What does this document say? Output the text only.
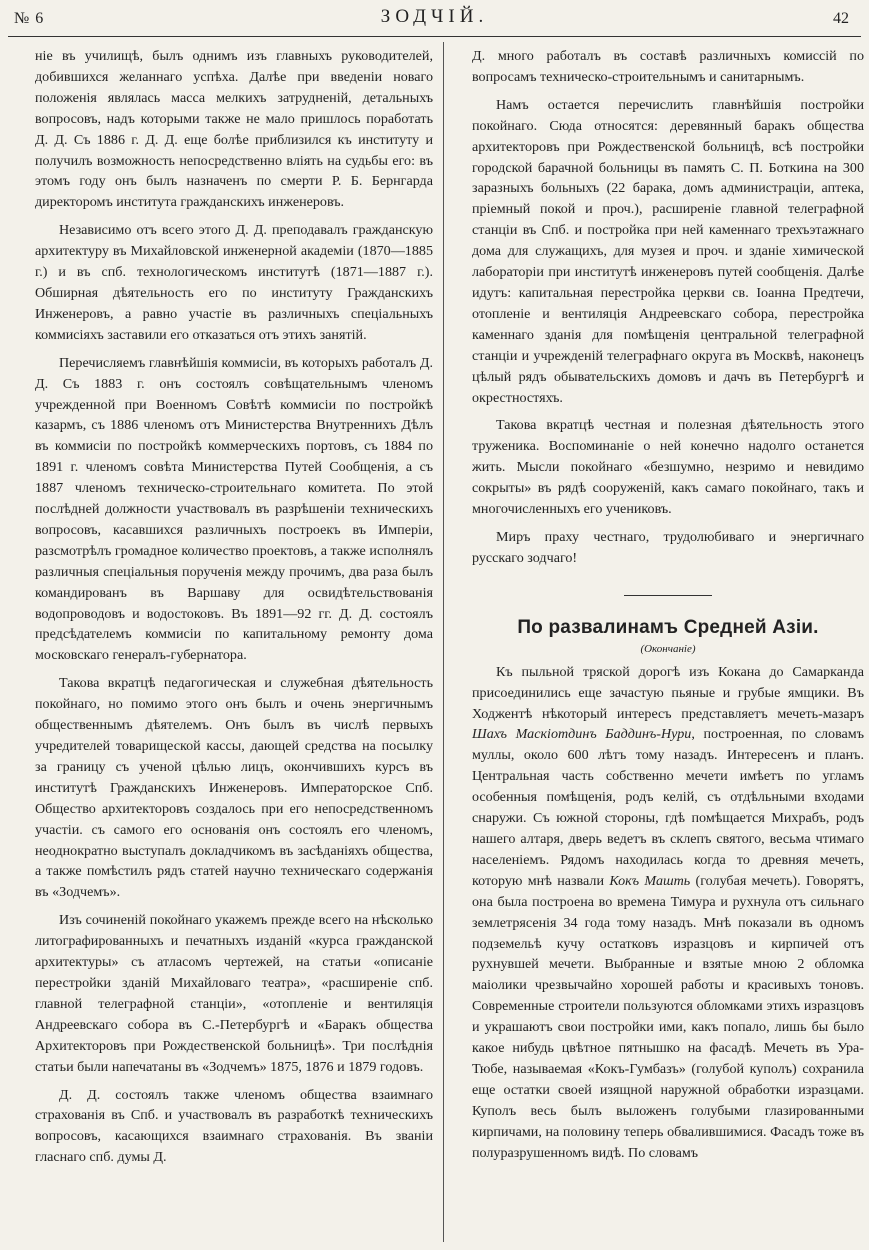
№ 6	ЗОДЧIЙ.	42

нiе въ училищѣ, былъ однимъ изъ главныхъ руководителей, добившихся желаннаго успѣха. Далѣе при введенiи новаго положенiя являлась масса мелкихъ затрудненiй, детальныхъ вопросовъ, надъ которыми также не мало пришлось поработать Д. Д. Съ 1886 г. Д. Д. еще болѣе приблизился къ институту и получилъ возможность непосредственно влiять на судьбы его: въ этомъ году онъ былъ назначенъ по смерти Р. Б. Бернгарда директоромъ института гражданскихъ инженеровъ.

Независимо отъ всего этого Д. Д. преподавалъ гражданскую архитектуру въ Михайловской инженерной академiи (1870—1885 г.) и въ спб. технологическомъ институтѣ (1871—1887 г.). Обширная дѣятельность его по институту Гражданскихъ Инженеровъ, а равно участiе въ различныхъ спецiальныхъ коммисiяхъ заставили его отказаться отъ этихъ занятiй.

Перечисляемъ главнѣйшiя коммисiи, въ которыхъ работалъ Д. Д. Съ 1883 г. онъ состоялъ совѣщательнымъ членомъ учрежденной при Военномъ Совѣтѣ коммисiи по постройкѣ казармъ, съ 1886 членомъ отъ Министерства Внутреннихъ Дѣлъ въ коммисiи по постройкѣ коммерческихъ портовъ, съ 1884 по 1891 г. членомъ совѣта Министерства Путей Сообщенiя, а съ 1887 членомъ техническо-строительнаго комитета. По этой послѣдней должности участвовалъ въ разрѣшенiи техническихъ вопросовъ, касавшихся различныхъ построекъ въ Имперiи, разсмотрѣлъ громадное количество проектовъ, а также исполнялъ различныя спецiальныя порученiя между прочимъ, два раза былъ командированъ въ Варшаву для освидѣтельствованiя водопроводовъ и водостоковъ. Въ 1891—92 гг. Д. Д. состоялъ предсѣдателемъ коммисiи по капитальному ремонту дома московскаго генералъ-губернатора.

Такова вкратцѣ педагогическая и служебная дѣятельность покойнаго, но помимо этого онъ былъ и очень энергичнымъ общественнымъ дѣятелемъ. Онъ былъ въ числѣ первыхъ учредителей товарищеской кассы, дающей средства на посылку за границу съ ученой цѣлью лицъ, окончившихъ курсъ въ институтѣ Гражданскихъ Инженеровъ. Императорское Спб. Общество архитекторовъ создалось при его непосредственномъ участiи. съ самого его основанiя онъ состоялъ его членомъ, неоднократно выступалъ докладчикомъ въ засѣданiяхъ общества, а также помѣстилъ рядъ статей научно техническаго содержанiя въ «Зодчемъ».

Изъ сочиненiй покойнаго укажемъ прежде всего на нѣсколько литографированныхъ и печатныхъ изданiй «курса гражданской архитектуры» съ атласомъ чертежей, на статьи «описанiе перестройки зданiй Михайловаго театра», «расширенiе спб. главной телеграфной станцiи», «отопленiе и вентиляцiя Андреевскаго собора въ С.-Петербургѣ и «Баракъ общества Архитекторовъ при Рождественской больницѣ». Три послѣднiя статьи были напечатаны въ «Зодчемъ» 1875, 1876 и 1879 годовъ.

Д. Д. состоялъ также членомъ общества взаимнаго страхованiя въ Спб. и участвовалъ въ разработкѣ техническихъ вопросовъ, касающихся взаимнаго страхованiя. Въ званiи гласнаго спб. думы Д.

Д. много работалъ въ составѣ различныхъ комиссiй по вопросамъ техническо-строительнымъ и санитарнымъ.

Намъ остается перечислить главнѣйшiя постройки покойнаго. Сюда относятся: деревянный баракъ общества архитекторовъ при Рождественской больницѣ, всѣ постройки городской барачной больницы въ память С. П. Боткина на 300 заразныхъ больныхъ (22 барака, домъ администрацiи, аптека, прiемный покой и проч.), расширенiе главной телеграфной станцiи въ Спб. и постройка при ней каменнаго трехъэтажнаго дома для служащихъ, для музея и проч. и зданiе химической лабораторiи при институтѣ инженеровъ путей сообщенiя. Далѣе идутъ: капитальная перестройка церкви св. Iоанна Предтечи, отопленiе и вентиляцiя Андреевскаго собора, перестройка каменнаго зданiя для помѣщенiя центральной телеграфной станцiи и учрежденiй телеграфнаго округа въ Москвѣ, наконецъ цѣлый рядъ обывательскихъ домовъ и дачъ въ Петербургѣ и окрестностяхъ.

Такова вкратцѣ честная и полезная дѣятельность этого труженика. Воспоминанiе о ней конечно надолго останется жить. Мысли покойнаго «безшумно, незримо и невидимо сокрыты» въ рядѣ сооруженiй, какъ самаго покойнаго, такъ и многочисленныхъ его учениковъ.

Миръ праху честнаго, трудолюбиваго и энергичнаго русскаго зодчаго!

По развалинамъ Средней Азiи.
(Окончанiе)

Къ пыльной тряской дорогѣ изъ Кокана до Самарканда присоединились еще зачастую пьяные и грубые ямщики. Въ Ходжентѣ нѣкоторый интересъ представляетъ мечеть-мазаръ Шахъ Маскiотдинъ Баддинъ-Нури, построенная, по словамъ муллы, около 600 лѣтъ тому назадъ. Интересенъ и планъ. Центральная часть собственно мечети имѣетъ по угламъ особенныя помѣщенiя, родъ келiй, съ отдѣльными входами снаружи. Съ южной стороны, гдѣ помѣщается Михрабъ, родъ нашего алтаря, дверь ведетъ въ склепъ святого, весьма чтимаго населенiемъ. Рядомъ находилась когда то древняя мечеть, которую мнѣ назвали Кокъ Машть (голубая мечеть). Говорятъ, она была построена во времена Тимура и рухнула отъ сильнаго землетрясенiя 34 года тому назадъ. Мнѣ показали въ одномъ подземельѣ кучу остатковъ изразцовъ и кирпичей отъ рухнувшей мечети. Выбранные и взятые мною 2 обломка маiолики чрезвычайно хорошей работы и красивыхъ тоновъ. Современные строители пользуются обломками этихъ изразцовъ и украшаютъ свои постройки ими, какъ попало, лишь бы было какое нибудь цвѣтное пятнышко на фасадѣ. Мечеть въ Ура-Тюбе, называемая «Кокъ-Гумбазъ» (голубой куполъ) сохранила еще остатки своей изящной наружной обработки изразцами. Куполъ весь былъ выложенъ голубыми глазированными кирпичами, на половину теперь обвалившимися. Фасадъ тоже въ полуразрушенномъ видѣ. По словамъ
